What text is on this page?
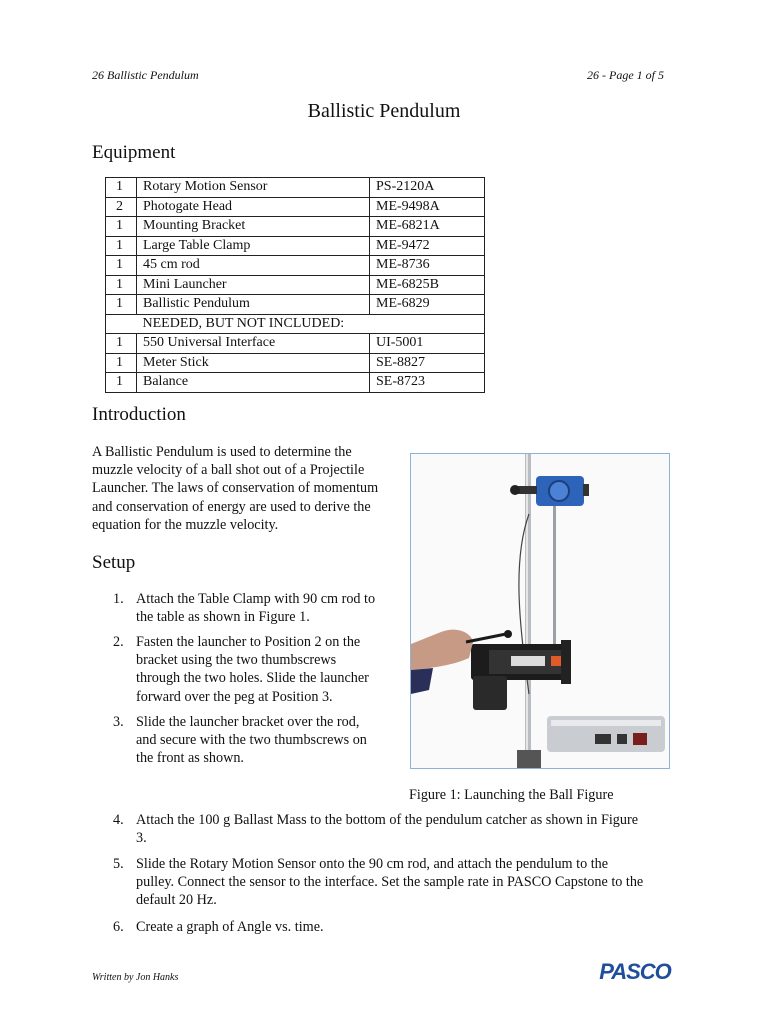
26 Ballistic Pendulum	26 - Page 1 of 5
Ballistic Pendulum
Equipment
1	Rotary Motion Sensor	PS-2120A
2	Photogate Head	ME-9498A
1	Mounting Bracket	ME-6821A
1	Large Table Clamp	ME-9472
1	45 cm rod	ME-8736
1	Mini Launcher	ME-6825B
1	Ballistic Pendulum	ME-6829
	NEEDED, BUT NOT INCLUDED:	
1	550 Universal Interface	UI-5001
1	Meter Stick	SE-8827
1	Balance	SE-8723
Introduction
A Ballistic Pendulum is used to determine the
muzzle velocity of a ball shot out of a Projectile
Launcher. The laws of conservation of momentum
and conservation of energy are used to derive the
equation for the muzzle velocity.
Setup
1. Attach the Table Clamp with 90 cm rod to
the table as shown in Figure 1.
2. Fasten the launcher to Position 2 on the
bracket using the two thumbscrews
through the two holes. Slide the launcher
forward over the peg at Position 3.
3. Slide the launcher bracket over the rod,
and secure with the two thumbscrews on
the front as shown.
Figure 1: Launching the Ball Figure
4. Attach the 100 g Ballast Mass to the bottom of the pendulum catcher as shown in Figure
3.
5. Slide the Rotary Motion Sensor onto the 90 cm rod, and attach the pendulum to the
pulley. Connect the sensor to the interface. Set the sample rate in PASCO Capstone to the
default 20 Hz.
6. Create a graph of Angle vs. time.
Written by Jon Hanks	PASCO
